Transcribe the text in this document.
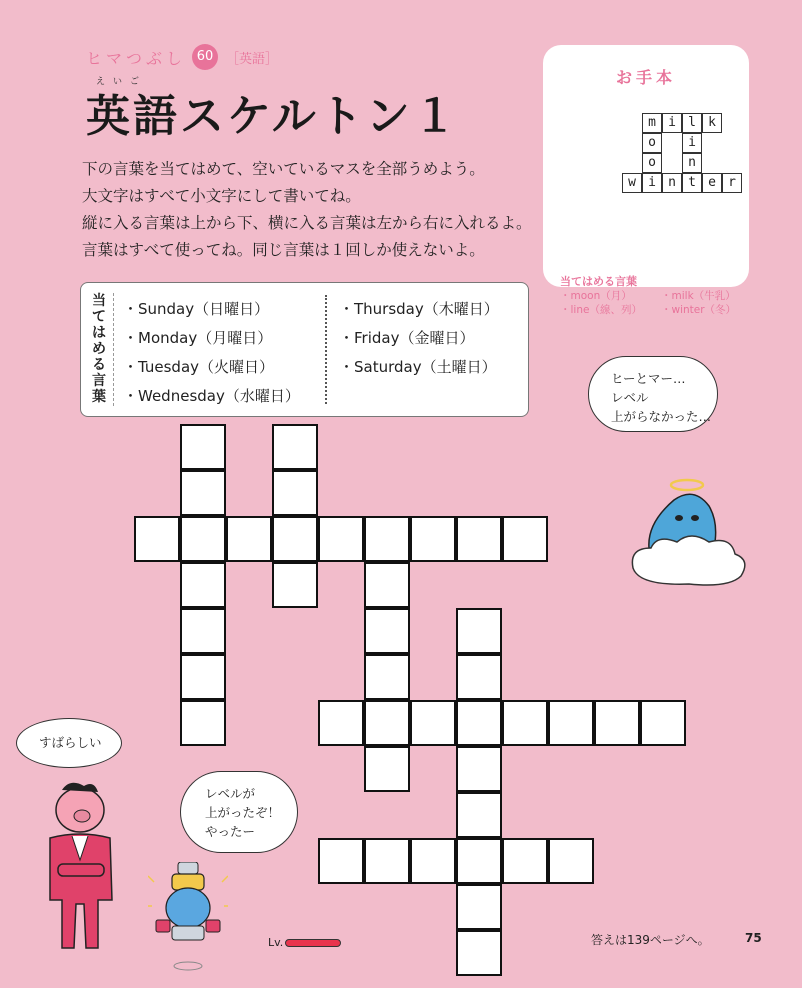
ヒマつぶし 60 ［英語］
えいご
英語スケルトン１
下の言葉を当てはめて、空いているマスを全部うめよう。
大文字はすべて小文字にして書いてね。
縦に入る言葉は上から下、横に入る言葉は左から右に入れるよ。
言葉はすべて使ってね。同じ言葉は１回しか使えないよ。
当てはめる言葉
・Sunday（日曜日）
・Monday（月曜日）
・Tuesday（火曜日）
・Wednesday（水曜日）
・Thursday（木曜日）
・Friday（金曜日）
・Saturday（土曜日）
お手本
m i l k
o
o
i
n
w i n t e r
当てはめる言葉
・moon（月）
・line（線、列）
・milk（牛乳）
・winter（冬）
ヒーとマー…
レベル
上がらなかった…
すばらしい
レベルが
上がったぞ！
やったー
Lv.	答えは139ページへ。	75
